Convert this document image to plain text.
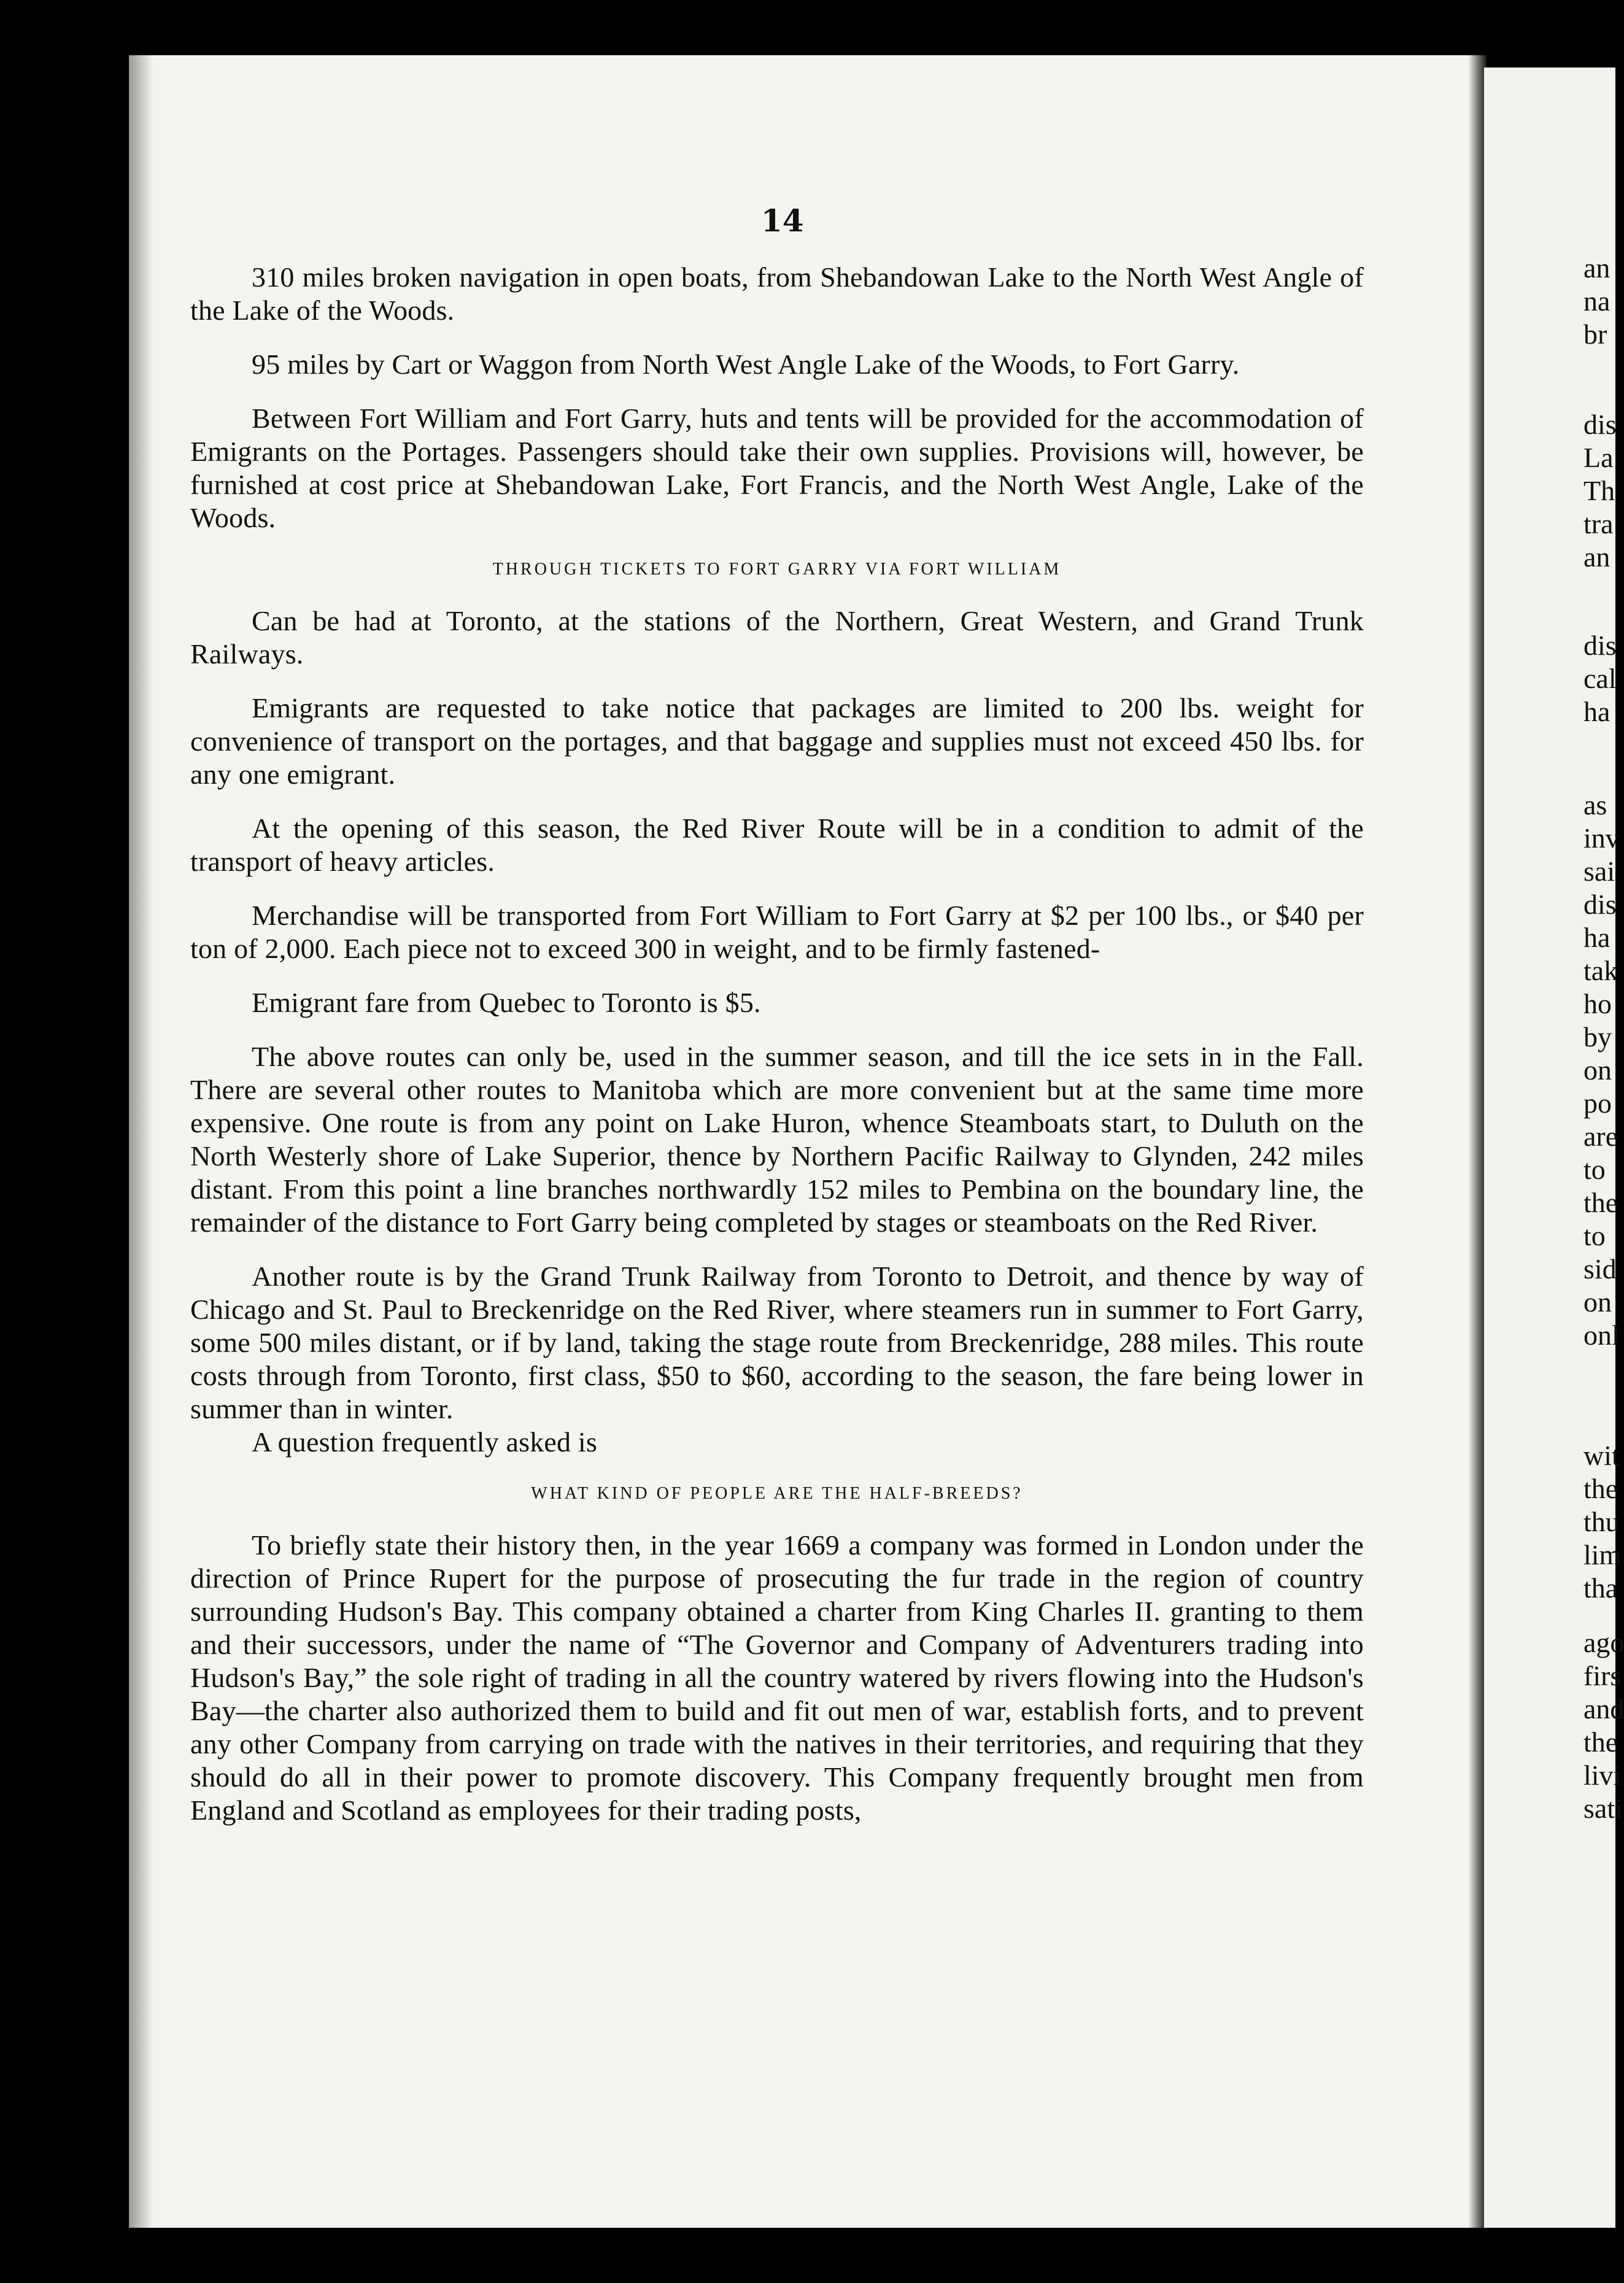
14

310 miles broken navigation in open boats, from Shebandowan Lake to the North West Angle of the Lake of the Woods.

95 miles by Cart or Waggon from North West Angle Lake of the Woods, to Fort Garry.

Between Fort William and Fort Garry, huts and tents will be provided for the accommodation of Emigrants on the Portages. Passengers should take their own supplies. Provisions will, however, be furnished at cost price at Shebandowan Lake, Fort Francis, and the North West Angle, Lake of the Woods.

THROUGH TICKETS TO FORT GARRY VIA FORT WILLIAM

Can be had at Toronto, at the stations of the Northern, Great Western, and Grand Trunk Railways.

Emigrants are requested to take notice that packages are limited to 200 lbs. weight for convenience of transport on the portages, and that baggage and supplies must not exceed 450 lbs. for any one emigrant.

At the opening of this season, the Red River Route will be in a condition to admit of the transport of heavy articles.

Merchandise will be transported from Fort William to Fort Garry at $2 per 100 lbs., or $40 per ton of 2,000. Each piece not to exceed 300 in weight, and to be firmly fastened-

Emigrant fare from Quebec to Toronto is $5.

The above routes can only be, used in the summer season, and till the ice sets in in the Fall. There are several other routes to Manitoba which are more convenient but at the same time more expensive. One route is from any point on Lake Huron, whence Steamboats start, to Duluth on the North Westerly shore of Lake Superior, thence by Northern Pacific Railway to Glynden, 242 miles distant. From this point a line branches northwardly 152 miles to Pembina on the boundary line, the remainder of the distance to Fort Garry being completed by stages or steamboats on the Red River.

Another route is by the Grand Trunk Railway from Toronto to Detroit, and thence by way of Chicago and St. Paul to Breckenridge on the Red River, where steamers run in summer to Fort Garry, some 500 miles distant, or if by land, taking the stage route from Breckenridge, 288 miles. This route costs through from Toronto, first class, $50 to $60, according to the season, the fare being lower in summer than in winter.

A question frequently asked is

WHAT KIND OF PEOPLE ARE THE HALF-BREEDS?

To briefly state their history then, in the year 1669 a company was formed in London under the direction of Prince Rupert for the purpose of prosecuting the fur trade in the region of country surrounding Hudson's Bay. This company obtained a charter from King Charles II. granting to them and their successors, under the name of “The Governor and Company of Adventurers trading into Hudson's Bay,” the sole right of trading in all the country watered by rivers flowing into the Hudson's Bay—the charter also authorized them to build and fit out men of war, establish forts, and to prevent any other Company from carrying on trade with the natives in their territories, and requiring that they should do all in their power to promote discovery. This Company frequently brought men from England and Scotland as employees for their trading posts,

an
na
br
dis
La
Th
tra
an
dis
cal
ha
as
inv
sai
dis
ha
tak
ho
by
on
po
are
to
the
to
sid
on
onl
wit
the
thu
lim
tha
ago
firs
and
the
livi
sati
